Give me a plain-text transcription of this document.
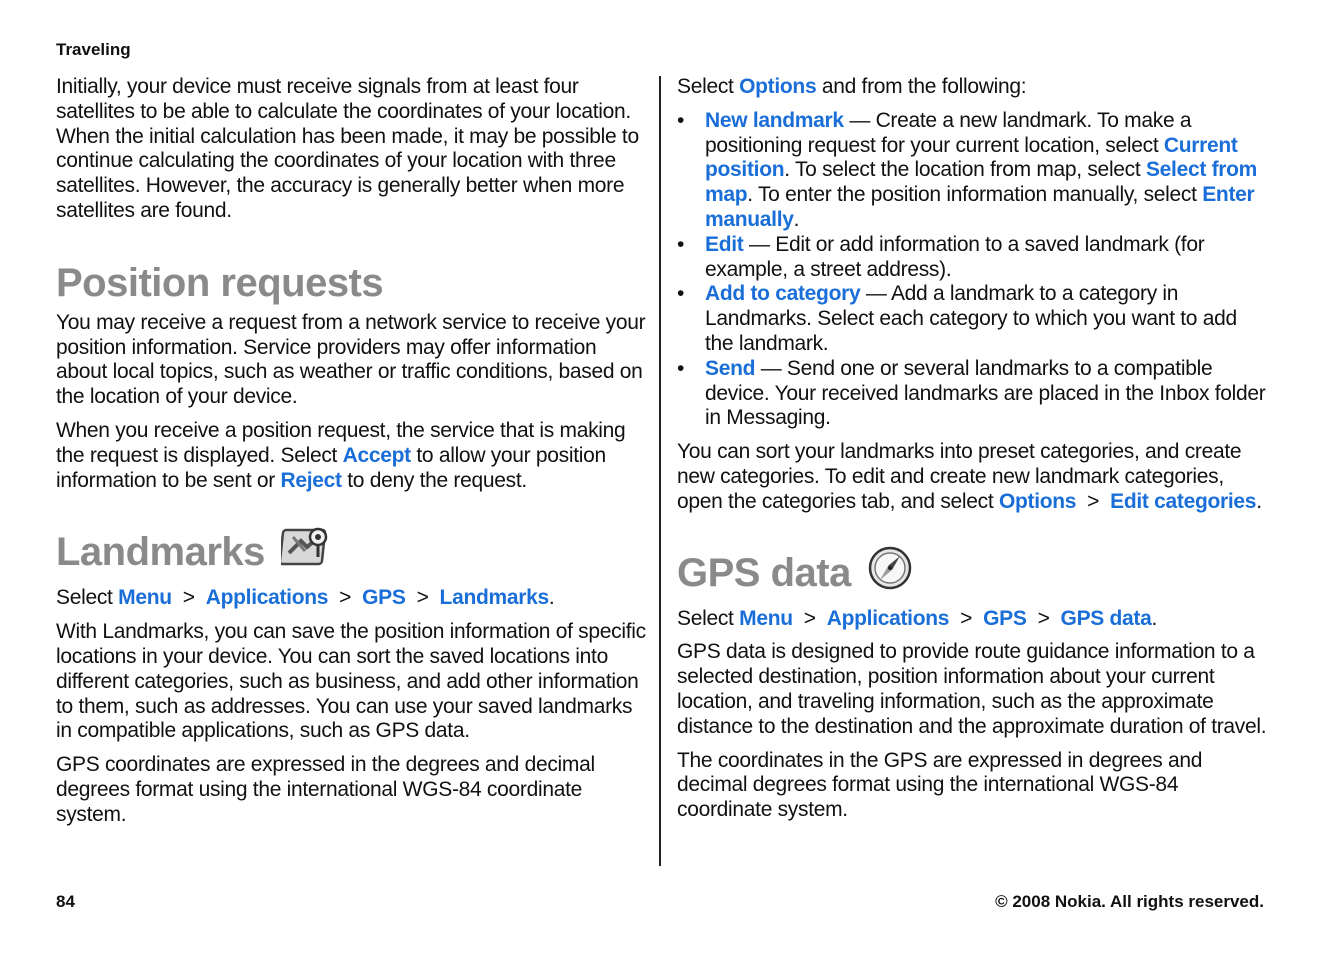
Traveling

Initially, your device must receive signals from at least four satellites to be able to calculate the coordinates of your location. When the initial calculation has been made, it may be possible to continue calculating the coordinates of your location with three satellites. However, the accuracy is generally better when more satellites are found.

Position requests

You may receive a request from a network service to receive your position information. Service providers may offer information about local topics, such as weather or traffic conditions, based on the location of your device.

When you receive a position request, the service that is making the request is displayed. Select Accept to allow your position information to be sent or Reject to deny the request.

Landmarks

Select Menu > Applications > GPS > Landmarks.

With Landmarks, you can save the position information of specific locations in your device. You can sort the saved locations into different categories, such as business, and add other information to them, such as addresses. You can use your saved landmarks in compatible applications, such as GPS data.

GPS coordinates are expressed in the degrees and decimal degrees format using the international WGS-84 coordinate system.

Select Options and from the following:

• New landmark — Create a new landmark. To make a positioning request for your current location, select Current position. To select the location from map, select Select from map. To enter the position information manually, select Enter manually.
• Edit — Edit or add information to a saved landmark (for example, a street address).
• Add to category — Add a landmark to a category in Landmarks. Select each category to which you want to add the landmark.
• Send — Send one or several landmarks to a compatible device. Your received landmarks are placed in the Inbox folder in Messaging.

You can sort your landmarks into preset categories, and create new categories. To edit and create new landmark categories, open the categories tab, and select Options > Edit categories.

GPS data

Select Menu > Applications > GPS > GPS data.

GPS data is designed to provide route guidance information to a selected destination, position information about your current location, and traveling information, such as the approximate distance to the destination and the approximate duration of travel.

The coordinates in the GPS are expressed in degrees and decimal degrees format using the international WGS-84 coordinate system.

84	© 2008 Nokia. All rights reserved.
